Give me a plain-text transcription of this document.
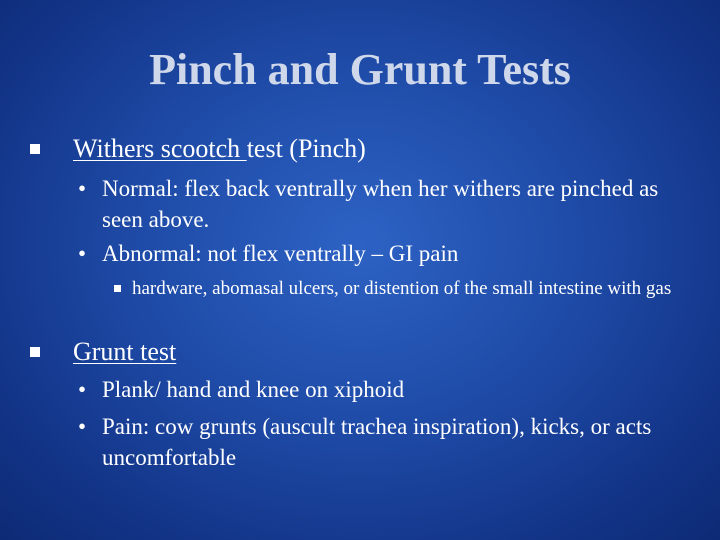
Pinch and Grunt Tests
Withers scootch test (Pinch)
• Normal: flex back ventrally when her withers are pinched as seen above.
• Abnormal: not flex ventrally – GI pain
hardware, abomasal ulcers, or distention of the small intestine with gas
Grunt test
• Plank/ hand and knee on xiphoid
• Pain: cow grunts (auscult trachea inspiration), kicks, or acts uncomfortable
